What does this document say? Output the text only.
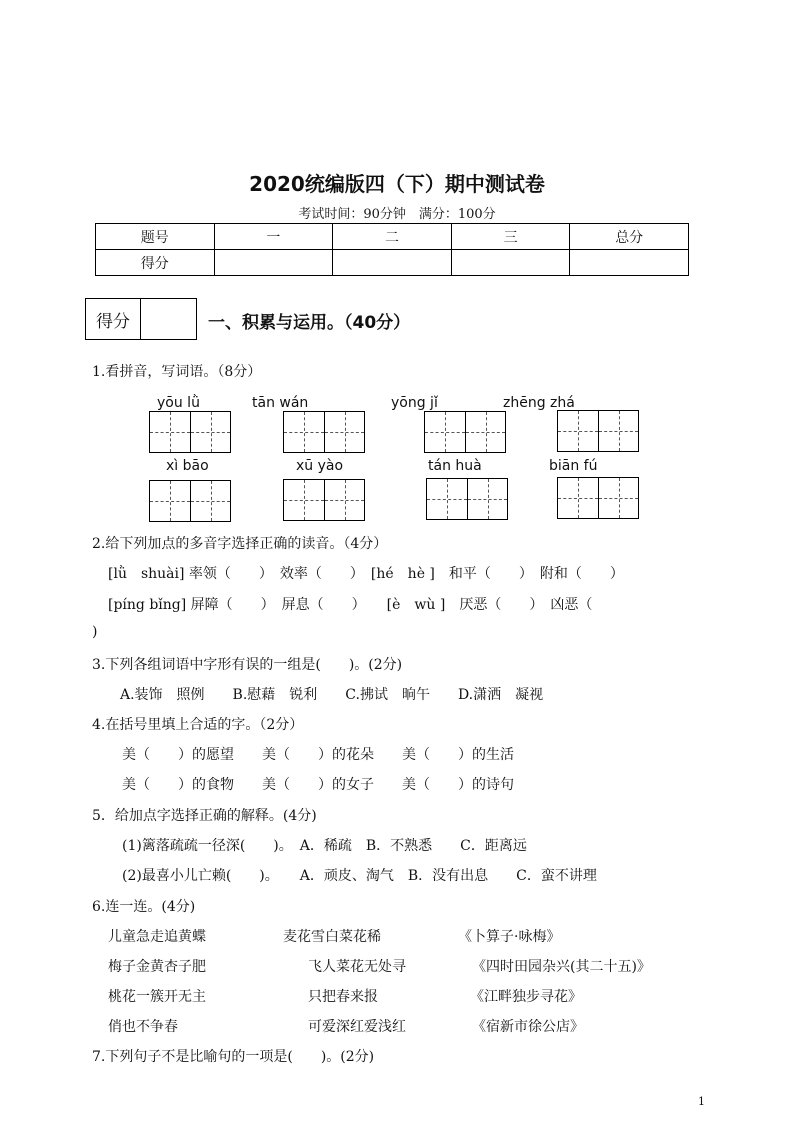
2020统编版四（下）期中测试卷
考试时间：90分钟　满分：100分
题号	一	二	三	总分
得分				
得分	一、积累与运用。（40分）
1.看拼音，写词语。（8分）
yōu lǜ	tān wán	yōng jǐ	zhēng zhá
xì bāo	xū yào	tán huà	biān fú
2.给下列加点的多音字选择正确的读音。（4分）
[lǜ　shuài] 率领（　　）　效率（　　）　[hé　hè ]　和平（　　）　附和（　　）
[píng bǐng] 屏障（　　）　屏息（　　）　　[è　wù ]　厌恶（　　）　凶恶（
)
3.下列各组词语中字形有误的一组是(　　)。(2分)
A.装饰　照例　　B.慰藉　锐利　　C.拂试　晌午　　D.潇洒　凝视
4.在括号里填上合适的字。（2分）
美（　　）的愿望　　美（　　）的花朵　　美（　　）的生活
美（　　）的食物　　美（　　）的女子　　美（　　）的诗句
5．给加点字选择正确的解释。(4分)
(1)篱落疏疏一径深(　　)。　A．稀疏　B．不熟悉　　C．距离远
(2)最喜小儿亡赖(　　)。　　A．顽皮、淘气　B．没有出息　　C．蛮不讲理
6.连一连。(4分)
儿童急走追黄蝶	麦花雪白菜花稀	《卜算子·咏梅》
梅子金黄杏子肥	飞人菜花无处寻	《四时田园杂兴(其二十五)》
桃花一簇开无主	只把春来报	《江畔独步寻花》
俏也不争春	可爱深红爱浅红	《宿新市徐公店》
7.下列句子不是比喻句的一项是(　　)。(2分)
1
